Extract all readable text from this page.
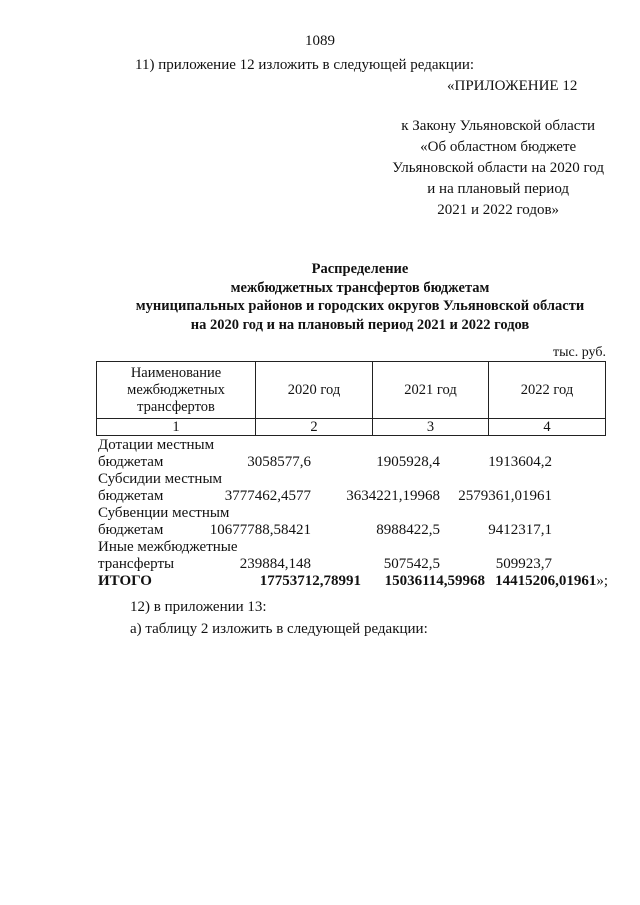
1089
11) приложение 12 изложить в следующей редакции:
«ПРИЛОЖЕНИЕ 12
к Закону Ульяновской области
«Об областном бюджете
Ульяновской области на 2020 год
и на плановый период
2021 и 2022 годов»
Распределение
межбюджетных трансфертов бюджетам
муниципальных районов и городских округов Ульяновской области
на 2020 год и на плановый период 2021 и 2022 годов
тыс. руб.
Наименование межбюджетных трансфертов	2020 год	2021 год	2022 год
1	2	3	4
Дотации местным бюджетам	3058577,6	1905928,4	1913604,2
Субсидии местным бюджетам	3777462,4577 3634221,19968 2579361,01961
Субвенции местным бюджетам	10677788,58421	8988422,5	9412317,1
Иные межбюджетные трансферты	239884,148	507542,5	509923,7
ИТОГО	17753712,78991 15036114,59968 14415206,01961»;
12) в приложении 13:
а) таблицу 2 изложить в следующей редакции:
